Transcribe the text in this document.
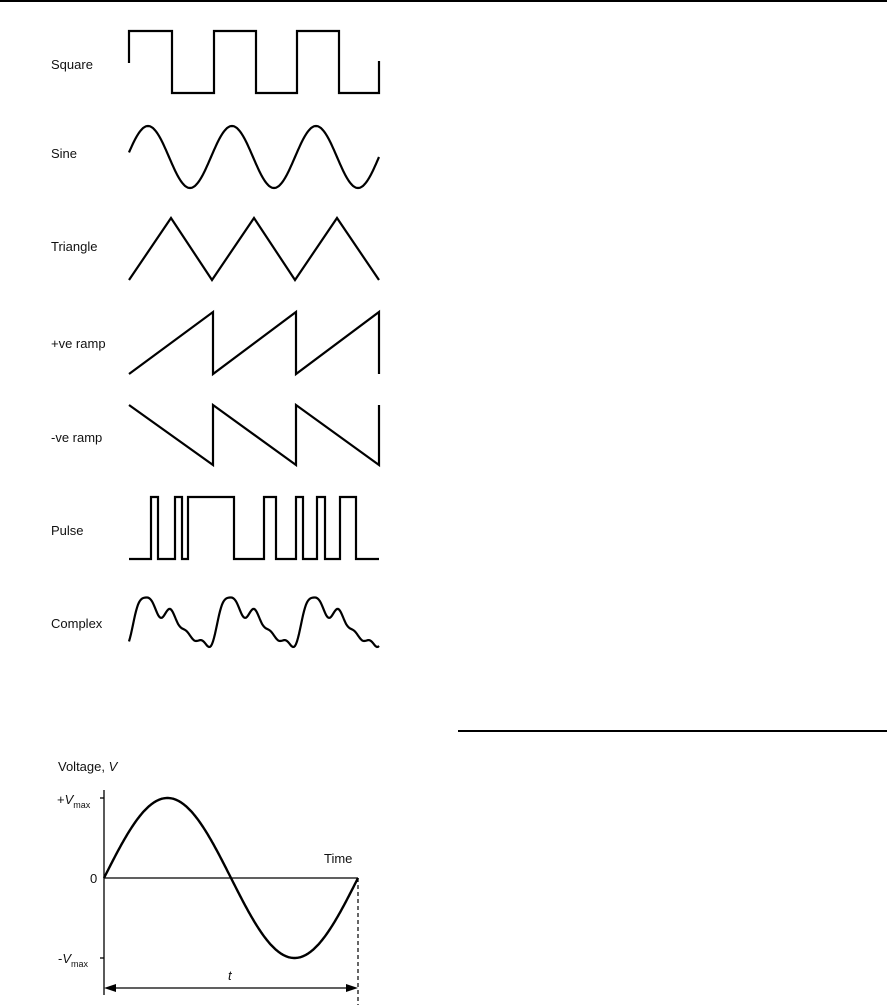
Square
Sine
Triangle
+ve ramp
-ve ramp
Pulse
Complex
Voltage, V
$+V_{max}$
0
Time
$-V_{max}$
t
